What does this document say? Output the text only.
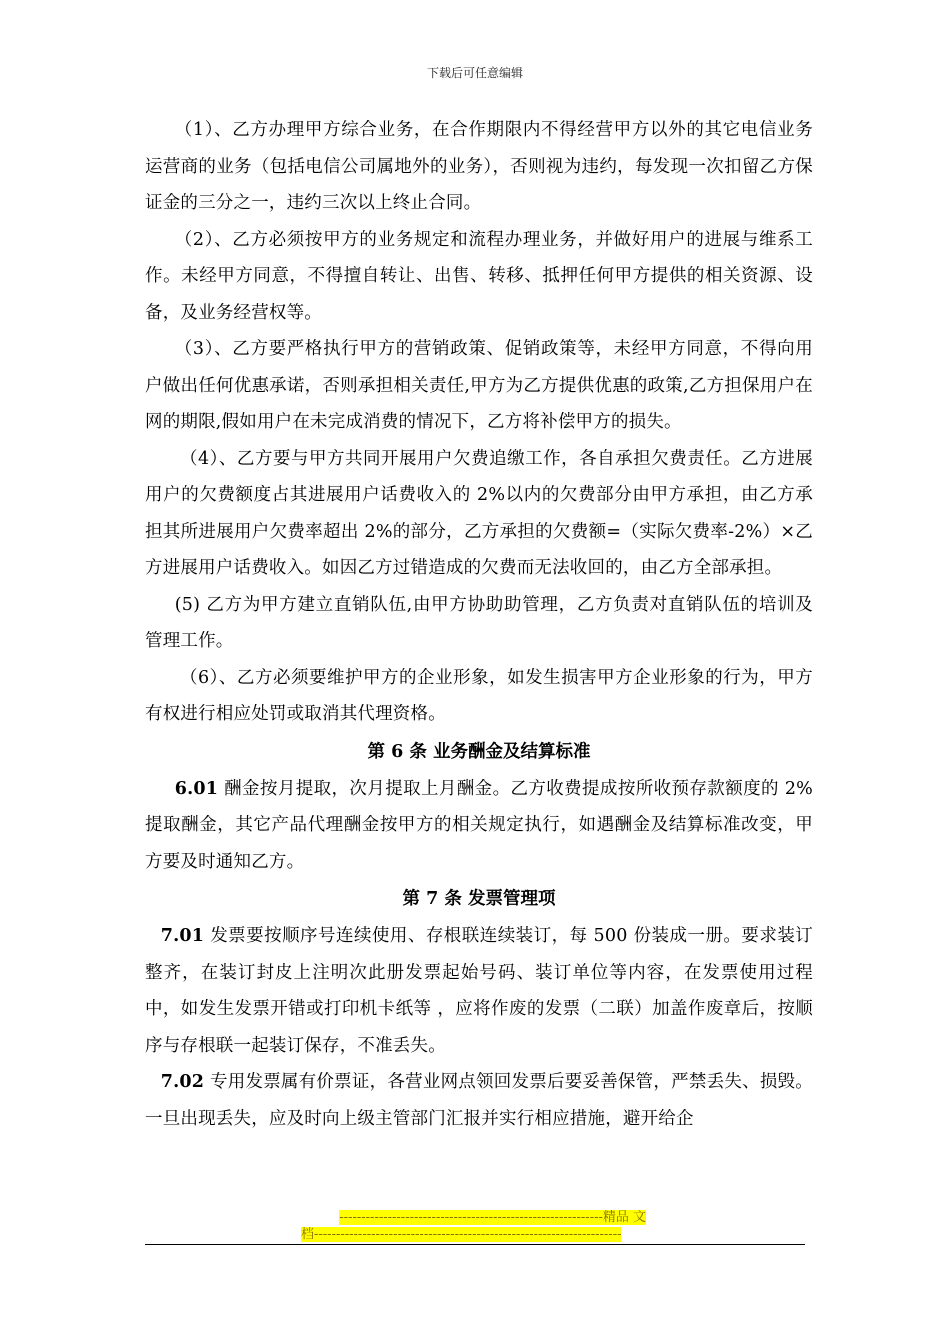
下载后可任意编辑

（1）、乙方办理甲方综合业务，在合作期限内不得经营甲方以外的其它电信业务运营商的业务（包括电信公司属地外的业务），否则视为违约，每发现一次扣留乙方保证金的三分之一，违约三次以上终止合同。

（2）、乙方必须按甲方的业务规定和流程办理业务，并做好用户的进展与维系工作。未经甲方同意，不得擅自转让、出售、转移、抵押任何甲方提供的相关资源、设备，及业务经营权等。

（3）、乙方要严格执行甲方的营销政策、促销政策等，未经甲方同意，不得向用户做出任何优惠承诺，否则承担相关责任,甲方为乙方提供优惠的政策,乙方担保用户在网的期限,假如用户在未完成消费的情况下，乙方将补偿甲方的损失。

（4）、乙方要与甲方共同开展用户欠费追缴工作，各自承担欠费责任。乙方进展用户的欠费额度占其进展用户话费收入的 2%以内的欠费部分由甲方承担，由乙方承担其所进展用户欠费率超出 2%的部分，乙方承担的欠费额=（实际欠费率-2%）×乙方进展用户话费收入。如因乙方过错造成的欠费而无法收回的，由乙方全部承担。

(5) 乙方为甲方建立直销队伍,由甲方协助助管理，乙方负责对直销队伍的培训及管理工作。

（6）、乙方必须要维护甲方的企业形象，如发生损害甲方企业形象的行为，甲方有权进行相应处罚或取消其代理资格。

第 6 条 业务酬金及结算标准

6.01 酬金按月提取，次月提取上月酬金。乙方收费提成按所收预存款额度的 2%提取酬金，其它产品代理酬金按甲方的相关规定执行，如遇酬金及结算标准改变，甲方要及时通知乙方。

第 7 条 发票管理项

7.01 发票要按顺序号连续使用、存根联连续装订，每 500 份装成一册。要求装订整齐，在装订封皮上注明次此册发票起始号码、装订单位等内容，在发票使用过程中，如发生发票开错或打印机卡纸等 ，应将作废的发票（二联）加盖作废章后，按顺序与存根联一起装订保存，不准丢失。

7.02 专用发票属有价票证，各营业网点领回发票后要妥善保管，严禁丢失、损毁。一旦出现丢失，应及时向上级主管部门汇报并实行相应措施，避开给企

------------------------------------------------------------精品 文
档----------------------------------------------------------------------
